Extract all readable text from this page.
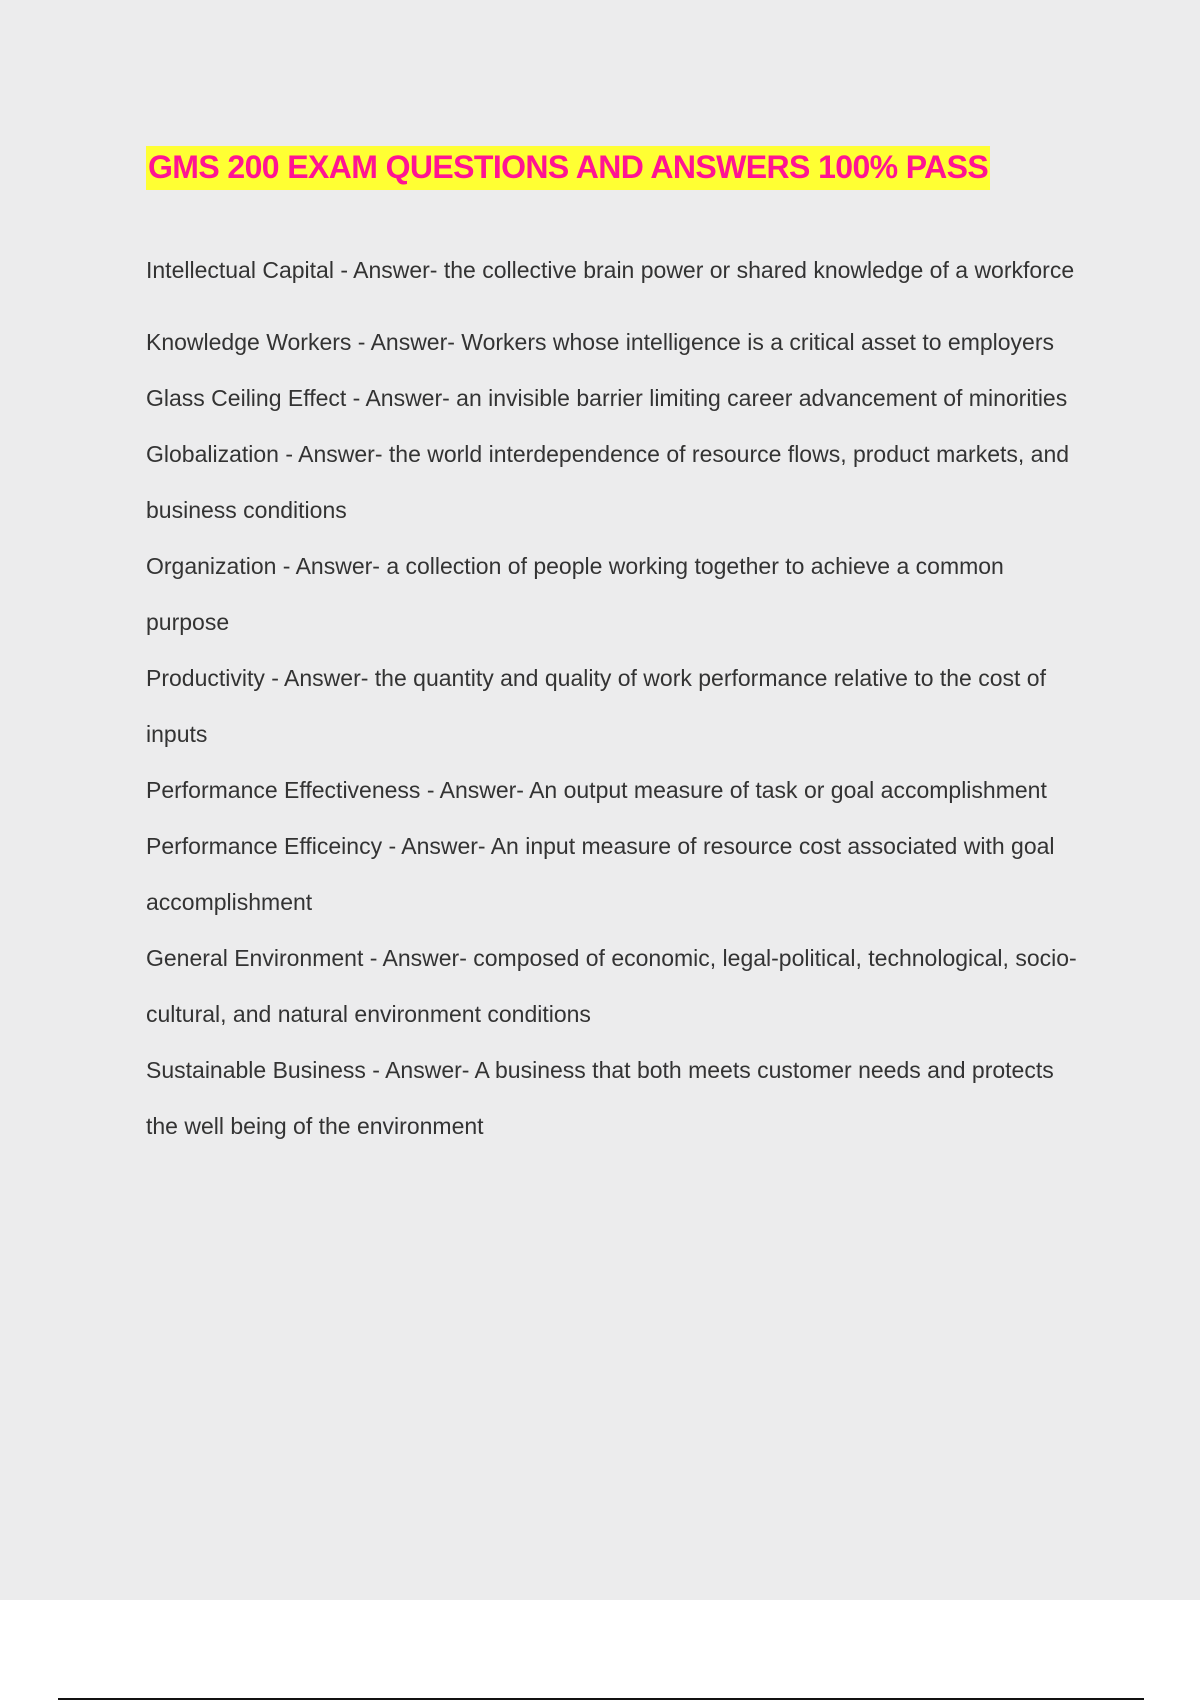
GMS 200 EXAM QUESTIONS AND ANSWERS 100% PASS

Intellectual Capital - Answer- the collective brain power or shared knowledge of a workforce

Knowledge Workers - Answer- Workers whose intelligence is a critical asset to employers

Glass Ceiling Effect - Answer- an invisible barrier limiting career advancement of minorities

Globalization - Answer- the world interdependence of resource flows, product markets, and business conditions

Organization - Answer- a collection of people working together to achieve a common purpose

Productivity - Answer- the quantity and quality of work performance relative to the cost of inputs

Performance Effectiveness - Answer- An output measure of task or goal accomplishment

Performance Efficeincy - Answer- An input measure of resource cost associated with goal accomplishment

General Environment - Answer- composed of economic, legal-political, technological, socio-cultural, and natural environment conditions

Sustainable Business - Answer- A business that both meets customer needs and protects the well being of the environment
